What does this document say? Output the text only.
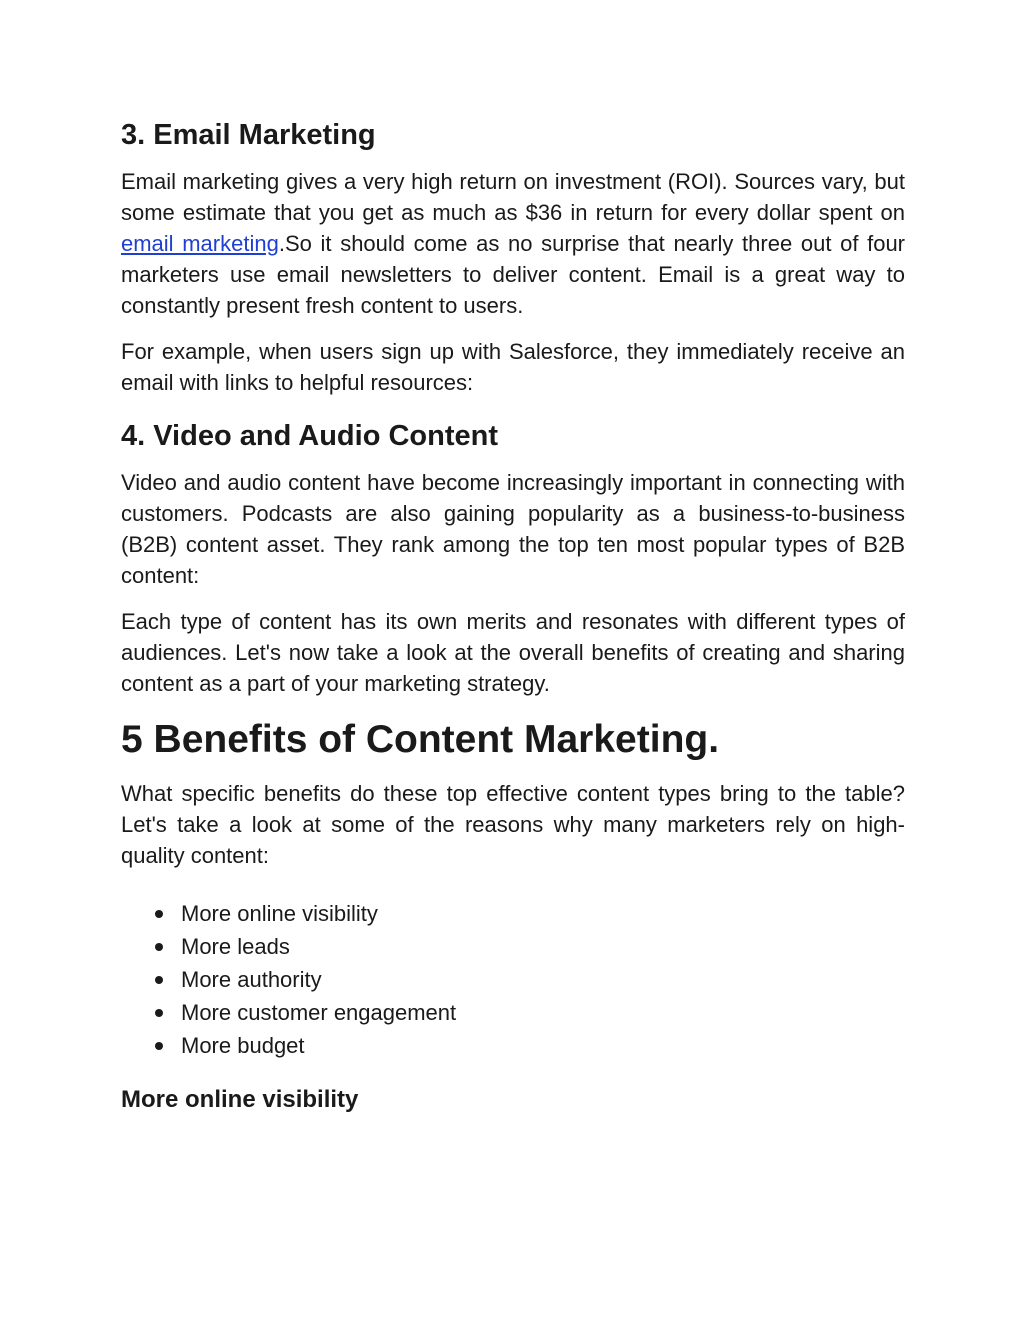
3. Email Marketing

Email marketing gives a very high return on investment (ROI). Sources vary, but some estimate that you get as much as $36 in return for every dollar spent on email marketing.So it should come as no surprise that nearly three out of four marketers use email newsletters to deliver content. Email is a great way to constantly present fresh content to users.

For example, when users sign up with Salesforce, they immediately receive an email with links to helpful resources:

4. Video and Audio Content

Video and audio content have become increasingly important in connecting with customers. Podcasts are also gaining popularity as a business-to-business (B2B) content asset. They rank among the top ten most popular types of B2B content:

Each type of content has its own merits and resonates with different types of audiences. Let's now take a look at the overall benefits of creating and sharing content as a part of your marketing strategy.

5 Benefits of Content Marketing.

What specific benefits do these top effective content types bring to the table? Let's take a look at some of the reasons why many marketers rely on high-quality content:

More online visibility
More leads
More authority
More customer engagement
More budget
More online visibility
